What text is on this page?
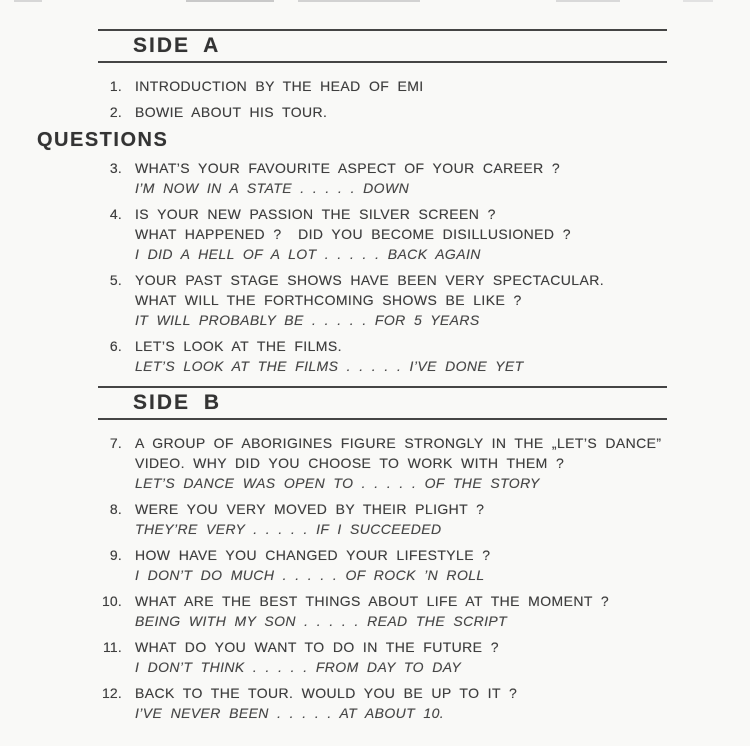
SIDE A
1. INTRODUCTION BY THE HEAD OF EMI
2. BOWIE ABOUT HIS TOUR.
QUESTIONS
3. WHAT’S YOUR FAVOURITE ASPECT OF YOUR CAREER ?
I’M NOW IN A STATE . . . . . DOWN
4. IS YOUR NEW PASSION THE SILVER SCREEN ?
WHAT HAPPENED ?  DID YOU BECOME DISILLUSIONED ?
I DID A HELL OF A LOT . . . . . BACK AGAIN
5. YOUR PAST STAGE SHOWS HAVE BEEN VERY SPECTACULAR.
WHAT WILL THE FORTHCOMING SHOWS BE LIKE ?
IT WILL PROBABLY BE . . . . . FOR 5 YEARS
6. LET’S LOOK AT THE FILMS.
LET’S LOOK AT THE FILMS . . . . . I’VE DONE YET
SIDE B
7. A GROUP OF ABORIGINES FIGURE STRONGLY IN THE „LET’S DANCE”
VIDEO. WHY DID YOU CHOOSE TO WORK WITH THEM ?
LET’S DANCE WAS OPEN TO . . . . . OF THE STORY
8. WERE YOU VERY MOVED BY THEIR PLIGHT ?
THEY’RE VERY . . . . . IF I SUCCEEDED
9. HOW HAVE YOU CHANGED YOUR LIFESTYLE ?
I DON’T DO MUCH . . . . . OF ROCK ’N ROLL
10. WHAT ARE THE BEST THINGS ABOUT LIFE AT THE MOMENT ?
BEING WITH MY SON . . . . . READ THE SCRIPT
11. WHAT DO YOU WANT TO DO IN THE FUTURE ?
I DON’T THINK . . . . . FROM DAY TO DAY
12. BACK TO THE TOUR. WOULD YOU BE UP TO IT ?
I’VE NEVER BEEN . . . . . AT ABOUT 10.
